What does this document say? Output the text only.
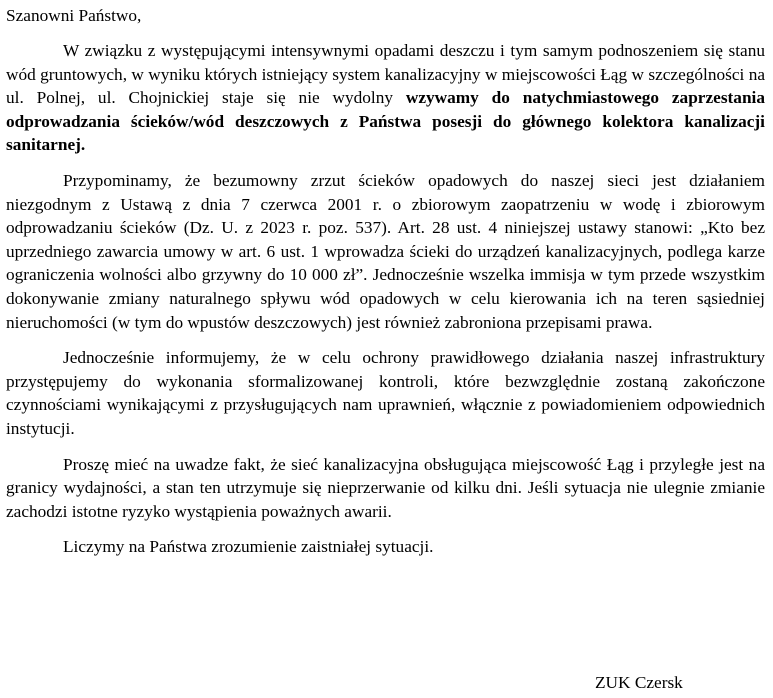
Szanowni Państwo,

W związku z występującymi intensywnymi opadami deszczu i tym samym podnoszeniem się stanu wód gruntowych, w wyniku których istniejący system kanalizacyjny w miejscowości Łąg w szczególności na ul. Polnej, ul. Chojnickiej staje się nie wydolny wzywamy do natychmiastowego zaprzestania odprowadzania ścieków/wód deszczowych z Państwa posesji do głównego kolektora kanalizacji sanitarnej.

Przypominamy, że bezumowny zrzut ścieków opadowych do naszej sieci jest działaniem niezgodnym z Ustawą z dnia 7 czerwca 2001 r. o zbiorowym zaopatrzeniu w wodę i zbiorowym odprowadzaniu ścieków (Dz. U. z 2023 r. poz. 537). Art. 28 ust. 4 niniejszej ustawy stanowi: „Kto bez uprzedniego zawarcia umowy w art. 6 ust. 1 wprowadza ścieki do urządzeń kanalizacyjnych, podlega karze ograniczenia wolności albo grzywny do 10 000 zł”. Jednocześnie wszelka immisja w tym przede wszystkim dokonywanie zmiany naturalnego spływu wód opadowych w celu kierowania ich na teren sąsiedniej nieruchomości (w tym do wpustów deszczowych) jest również zabroniona przepisami prawa.

Jednocześnie informujemy, że w celu ochrony prawidłowego działania naszej infrastruktury przystępujemy do wykonania sformalizowanej kontroli, które bezwzględnie zostaną zakończone czynnościami wynikającymi z przysługujących nam uprawnień, włącznie z powiadomieniem odpowiednich instytucji.

Proszę mieć na uwadze fakt, że sieć kanalizacyjna obsługująca miejscowość Łąg i przyległe jest na granicy wydajności, a stan ten utrzymuje się nieprzerwanie od kilku dni. Jeśli sytuacja nie ulegnie zmianie zachodzi istotne ryzyko wystąpienia poważnych awarii.

Liczymy na Państwa zrozumienie zaistniałej sytuacji.

ZUK Czersk
